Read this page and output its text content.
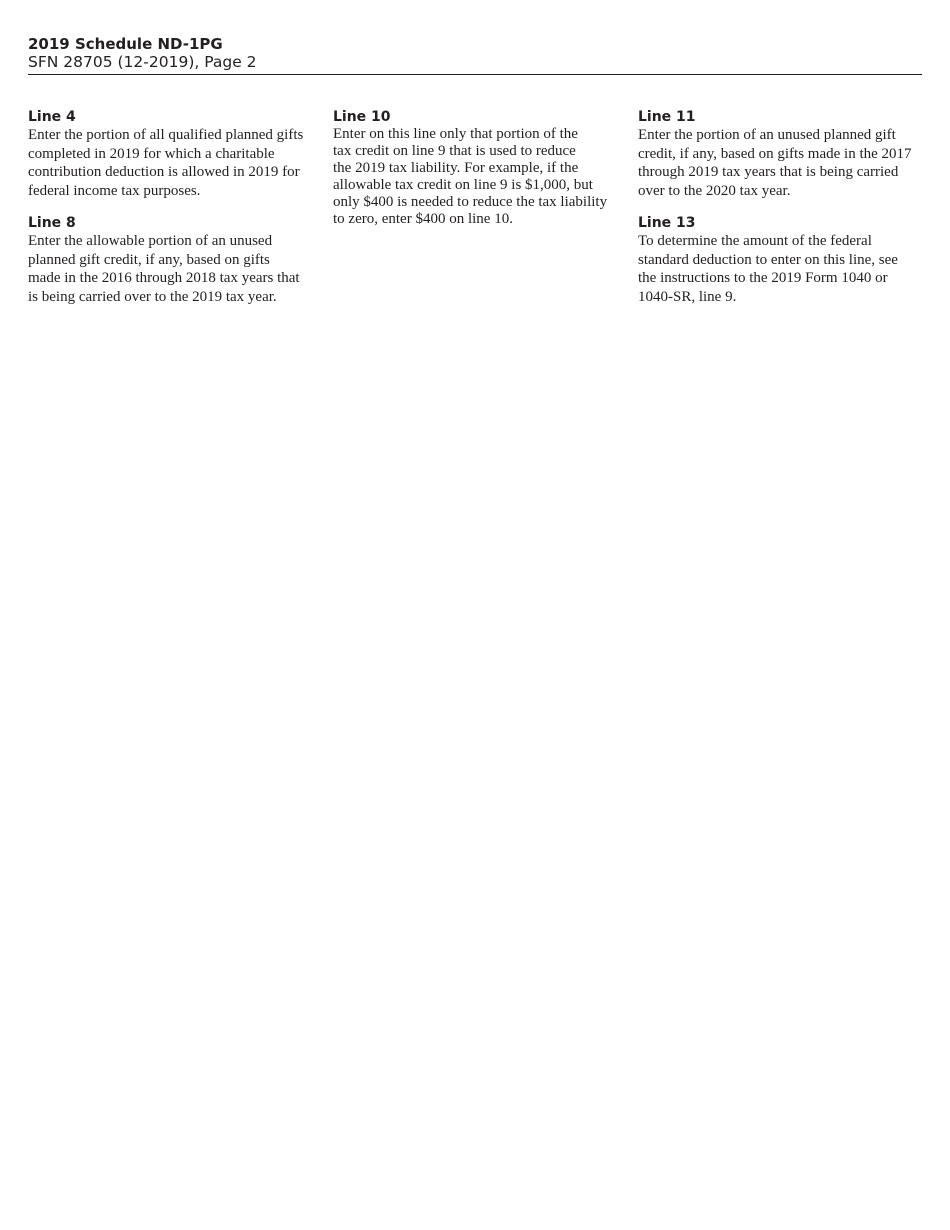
2019 Schedule ND-1PG

SFN 28705 (12-2019), Page 2

Line 4

Enter the portion of all qualified planned gifts
completed in 2019 for which a charitable
contribution deduction is allowed in 2019 for
federal income tax purposes.

Line 8

Enter the allowable portion of an unused
planned gift credit, if any, based on gifts
made in the 2016 through 2018 tax years that
is being carried over to the 2019 tax year.

Line 10

Enter on this line only that portion of the
tax credit on line 9 that is used to reduce
the 2019 tax liability. For example, if the
allowable tax credit on line 9 is $1,000, but
only $400 is needed to reduce the tax liability
to zero, enter $400 on line 10.

Line 11

Enter the portion of an unused planned gift
credit, if any, based on gifts made in the 2017
through 2019 tax years that is being carried
over to the 2020 tax year.

Line 13

To determine the amount of the federal
standard deduction to enter on this line, see
the instructions to the 2019 Form 1040 or
1040-SR, line 9.
